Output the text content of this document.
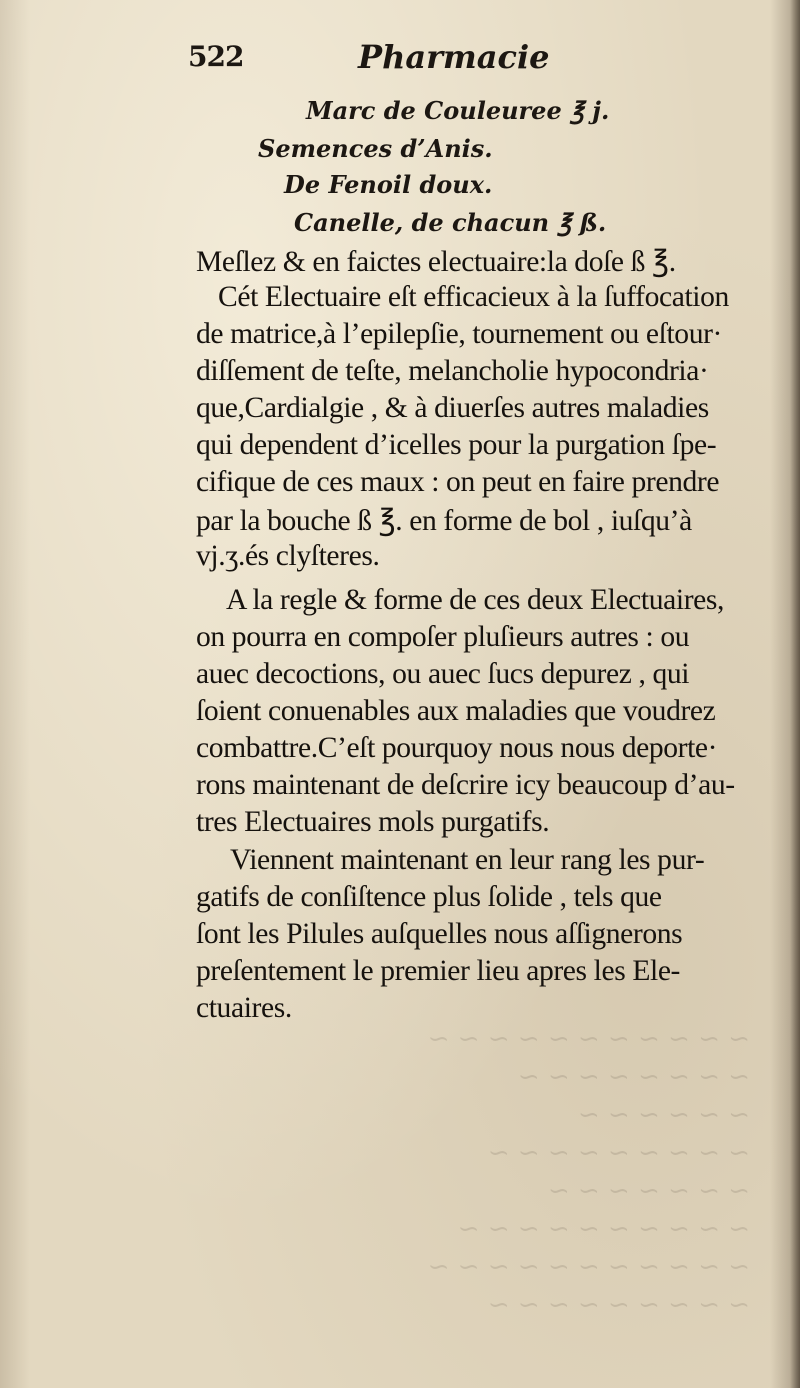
~ ~ ~ ~ ~ ~ ~ ~ ~ ~ ~
~ ~ ~ ~ ~ ~ ~ ~
~ ~ ~ ~ ~ ~
~ ~ ~ ~ ~ ~ ~ ~ ~
~ ~ ~ ~ ~ ~ ~
~ ~ ~ ~ ~ ~ ~ ~ ~ ~
~ ~ ~ ~ ~ ~ ~ ~ ~ ~ ~
~ ~ ~ ~ ~ ~ ~ ~ ~
522	Pharmacie
Marc de Couleuree ℥ j.
Semences d’Anis.
De Fenoil doux.
Canelle, de chacun ℥ ß.
Meſlez & en faictes electuaire:la doſe ß ℥.
Cét Electuaire eſt efficacieux à la ſuffocation
de matrice,à l’epilepſie, tournement ou eſtour·
diſſement de teſte, melancholie hypocondria·
que,Cardialgie , & à diuerſes autres maladies
qui dependent d’icelles pour la purgation ſpe-
cifique de ces maux : on peut en faire prendre
par la bouche ß ℥. en forme de bol , iuſqu’à
vj.ʒ.és clyſteres.
A la regle & forme de ces deux Electuaires,
on pourra en compoſer pluſieurs autres : ou
auec decoctions, ou auec ſucs depurez , qui
ſoient conuenables aux maladies que voudrez
combattre.C’eſt pourquoy nous nous deporte·
rons maintenant de deſcrire icy beaucoup d’au-
tres Electuaires mols purgatifs.
Viennent maintenant en leur rang les pur-
gatifs de conſiſtence plus ſolide , tels que
ſont les Pilules auſquelles nous aſſignerons
preſentement le premier lieu apres les Ele-
ctuaires.
